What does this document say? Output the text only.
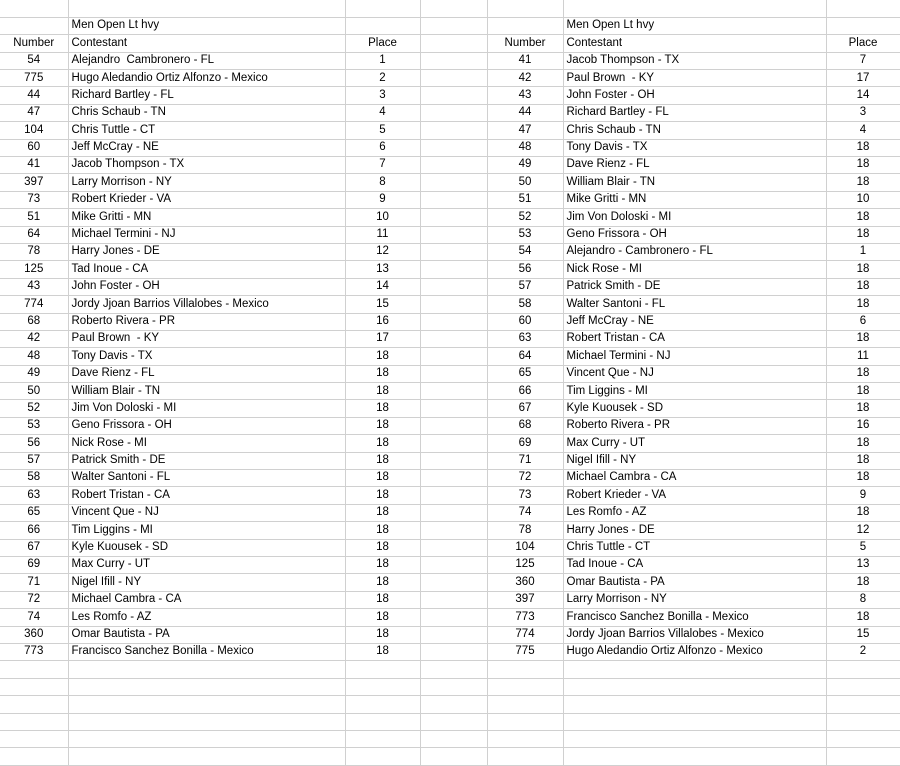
	Men Open Lt hvy				Men Open Lt hvy	
Number	Contestant	Place		Number	Contestant	Place
54	Alejandro  Cambronero - FL	1		41	Jacob Thompson - TX	7
775	Hugo Aledandio Ortiz Alfonzo - Mexico	2		42	Paul Brown  - KY	17
44	Richard Bartley - FL	3		43	John Foster - OH	14
47	Chris Schaub - TN	4		44	Richard Bartley - FL	3
104	Chris Tuttle - CT	5		47	Chris Schaub - TN	4
60	Jeff McCray - NE	6		48	Tony Davis - TX	18
41	Jacob Thompson - TX	7		49	Dave Rienz - FL	18
397	Larry Morrison - NY	8		50	William Blair - TN	18
73	Robert Krieder - VA	9		51	Mike Gritti - MN	10
51	Mike Gritti - MN	10		52	Jim Von Doloski - MI	18
64	Michael Termini - NJ	11		53	Geno Frissora - OH	18
78	Harry Jones - DE	12		54	Alejandro - Cambronero - FL	1
125	Tad Inoue - CA	13		56	Nick Rose - MI	18
43	John Foster - OH	14		57	Patrick Smith - DE	18
774	Jordy Jjoan Barrios Villalobes - Mexico	15		58	Walter Santoni - FL	18
68	Roberto Rivera - PR	16		60	Jeff McCray - NE	6
42	Paul Brown  - KY	17		63	Robert Tristan - CA	18
48	Tony Davis - TX	18		64	Michael Termini - NJ	11
49	Dave Rienz - FL	18		65	Vincent Que - NJ	18
50	William Blair - TN	18		66	Tim Liggins - MI	18
52	Jim Von Doloski - MI	18		67	Kyle Kuousek - SD	18
53	Geno Frissora - OH	18		68	Roberto Rivera - PR	16
56	Nick Rose - MI	18		69	Max Curry - UT	18
57	Patrick Smith - DE	18		71	Nigel Ifill - NY	18
58	Walter Santoni - FL	18		72	Michael Cambra - CA	18
63	Robert Tristan - CA	18		73	Robert Krieder - VA	9
65	Vincent Que - NJ	18		74	Les Romfo - AZ	18
66	Tim Liggins - MI	18		78	Harry Jones - DE	12
67	Kyle Kuousek - SD	18		104	Chris Tuttle - CT	5
69	Max Curry - UT	18		125	Tad Inoue - CA	13
71	Nigel Ifill - NY	18		360	Omar Bautista - PA	18
72	Michael Cambra - CA	18		397	Larry Morrison - NY	8
74	Les Romfo - AZ	18		773	Francisco Sanchez Bonilla - Mexico	18
360	Omar Bautista - PA	18		774	Jordy Jjoan Barrios Villalobes - Mexico	15
773	Francisco Sanchez Bonilla - Mexico	18		775	Hugo Aledandio Ortiz Alfonzo - Mexico	2
